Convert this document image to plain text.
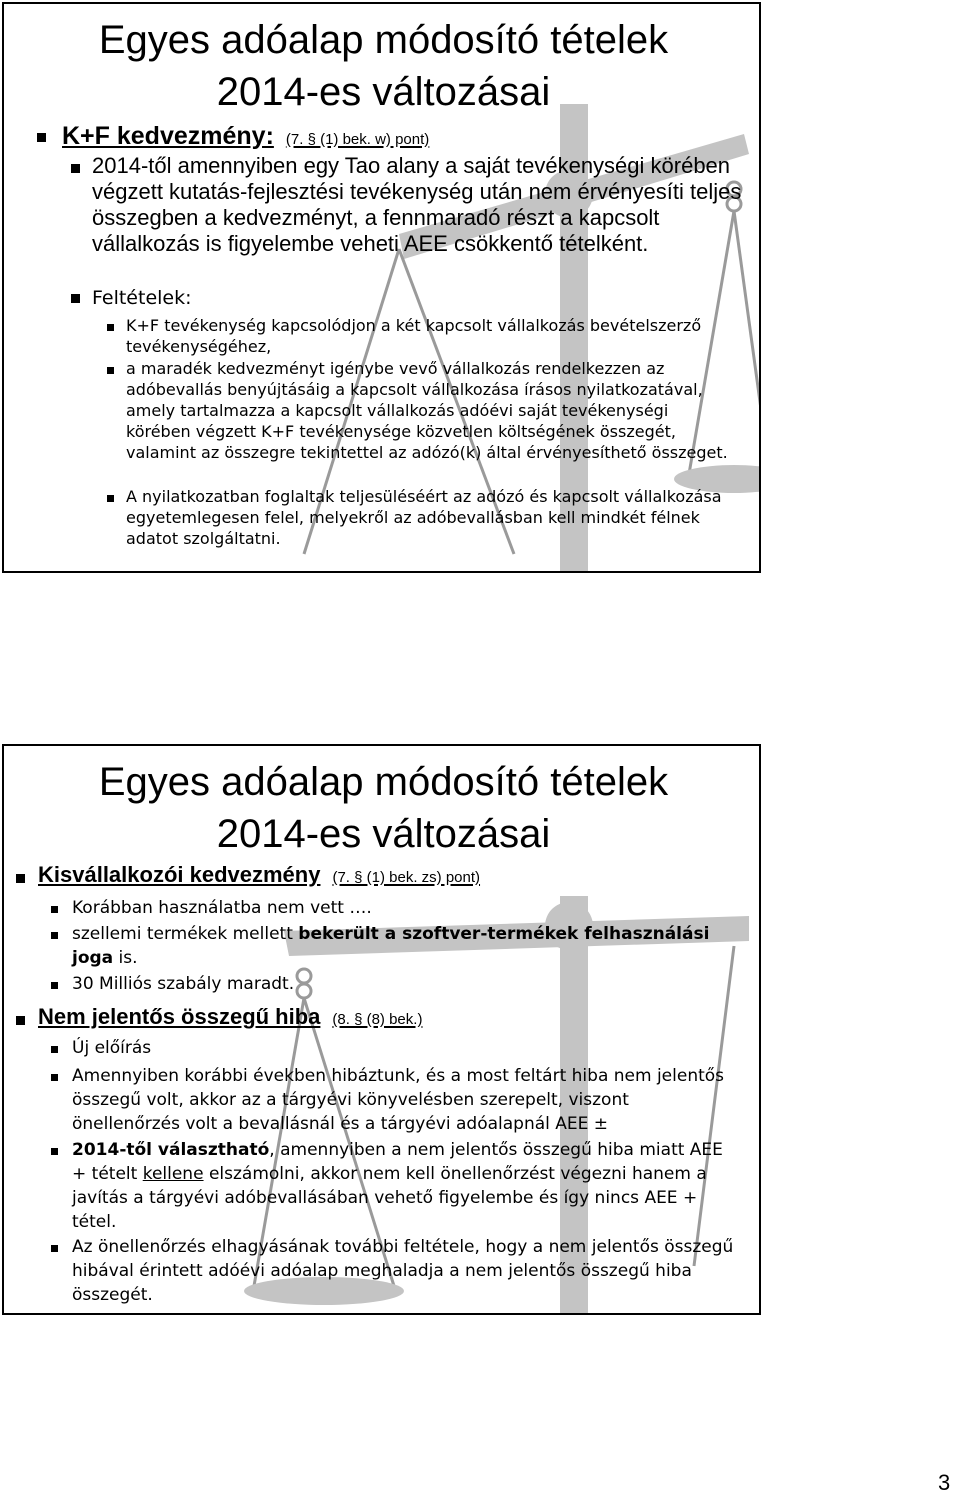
Egyes adóalap módosító tételek
2014-es változásai
K+F kedvezmény: (7. § (1) bek. w) pont)
2014-től amennyiben egy Tao alany a saját tevékenységi körében végzett kutatás-fejlesztési tevékenység után nem érvényesíti teljes összegben a kedvezményt, a fennmaradó részt a kapcsolt vállalkozás is figyelembe veheti AEE csökkentő tételként.
Feltételek:
K+F tevékenység kapcsolódjon a két kapcsolt vállalkozás bevételszerző tevékenységéhez,
a maradék kedvezményt igénybe vevő vállalkozás rendelkezzen az adóbevallás benyújtásáig a kapcsolt vállalkozása írásos nyilatkozatával, amely tartalmazza a kapcsolt vállalkozás adóévi saját tevékenységi körében végzett K+F tevékenysége közvetlen költségének összegét, valamint az összegre tekintettel az adózó(k) által érvényesíthető összeget.
A nyilatkozatban foglaltak teljesüléséért az adózó és kapcsolt vállalkozása egyetemlegesen felel, melyekről az adóbevallásban kell mindkét félnek adatot szolgáltatni.
Egyes adóalap módosító tételek
2014-es változásai
Kisvállalkozói kedvezmény (7. § (1) bek. zs) pont)
Korábban használatba nem vett ….
szellemi termékek mellett bekerült a szoftver-termékek felhasználási joga is.
30 Milliós szabály maradt.
Nem jelentős összegű hiba (8. § (8) bek.)
Új előírás
Amennyiben korábbi években hibáztunk, és a most feltárt hiba nem jelentős összegű volt, akkor az a tárgyévi könyvelésben szerepelt, viszont önellenőrzés volt a bevallásnál és a tárgyévi adóalapnál AEE ±
2014-től választható, amennyiben a nem jelentős összegű hiba miatt AEE + tételt kellene elszámolni, akkor nem kell önellenőrzést végezni hanem a javítás a tárgyévi adóbevallásában vehető figyelembe és így nincs AEE + tétel.
Az önellenőrzés elhagyásának további feltétele, hogy a nem jelentős összegű hibával érintett adóévi adóalap meghaladja a nem jelentős összegű hiba összegét.
3
